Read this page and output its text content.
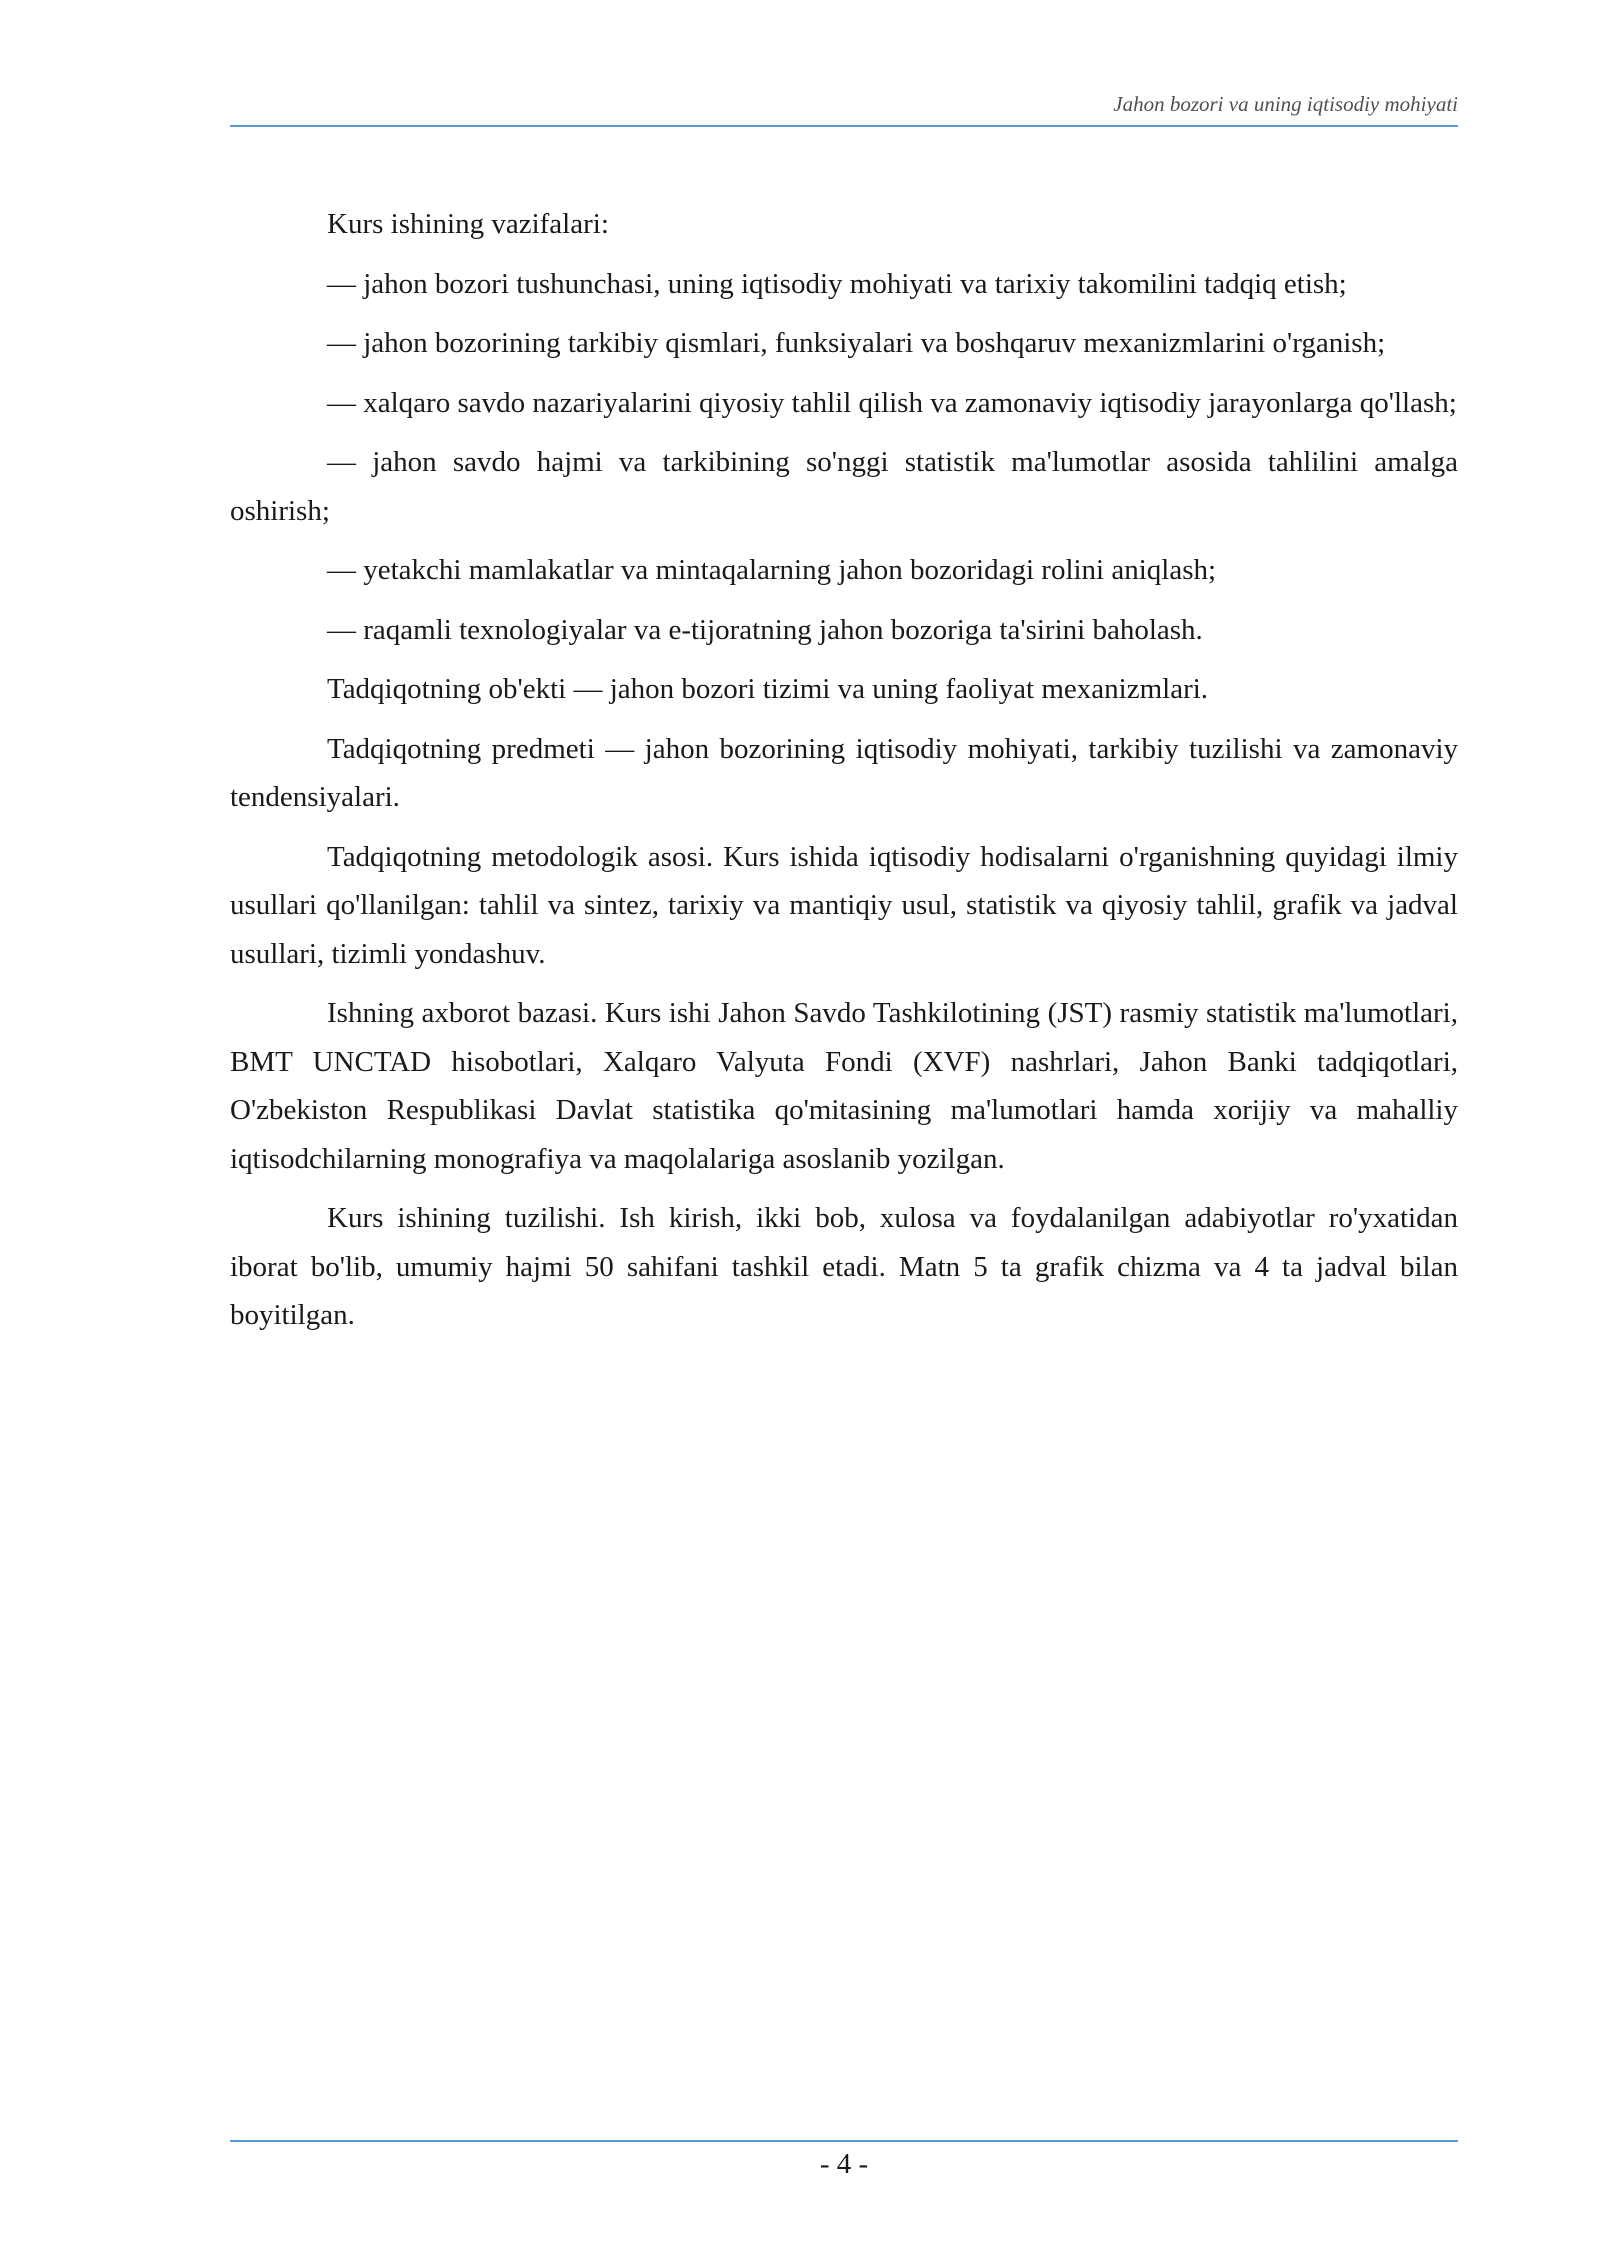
Jahon bozori va uning iqtisodiy mohiyati

Kurs ishining vazifalari:

— jahon bozori tushunchasi, uning iqtisodiy mohiyati va tarixiy takomilini tadqiq etish;

— jahon bozorining tarkibiy qismlari, funksiyalari va boshqaruv mexanizmlarini o'rganish;

— xalqaro savdo nazariyalarini qiyosiy tahlil qilish va zamonaviy iqtisodiy jarayonlarga qo'llash;

— jahon savdo hajmi va tarkibining so'nggi statistik ma'lumotlar asosida tahlilini amalga oshirish;

— yetakchi mamlakatlar va mintaqalarning jahon bozoridagi rolini aniqlash;

— raqamli texnologiyalar va e-tijoratning jahon bozoriga ta'sirini baholash.

Tadqiqotning ob'ekti — jahon bozori tizimi va uning faoliyat mexanizmlari.

Tadqiqotning predmeti — jahon bozorining iqtisodiy mohiyati, tarkibiy tuzilishi va zamonaviy tendensiyalari.

Tadqiqotning metodologik asosi. Kurs ishida iqtisodiy hodisalarni o'rganishning quyidagi ilmiy usullari qo'llanilgan: tahlil va sintez, tarixiy va mantiqiy usul, statistik va qiyosiy tahlil, grafik va jadval usullari, tizimli yondashuv.

Ishning axborot bazasi. Kurs ishi Jahon Savdo Tashkilotining (JST) rasmiy statistik ma'lumotlari, BMT UNCTAD hisobotlari, Xalqaro Valyuta Fondi (XVF) nashrlari, Jahon Banki tadqiqotlari, O'zbekiston Respublikasi Davlat statistika qo'mitasining ma'lumotlari hamda xorijiy va mahalliy iqtisodchilarning monografiya va maqolalariga asoslanib yozilgan.

Kurs ishining tuzilishi. Ish kirish, ikki bob, xulosa va foydalanilgan adabiyotlar ro'yxatidan iborat bo'lib, umumiy hajmi 50 sahifani tashkil etadi. Matn 5 ta grafik chizma va 4 ta jadval bilan boyitilgan.

- 4 -
